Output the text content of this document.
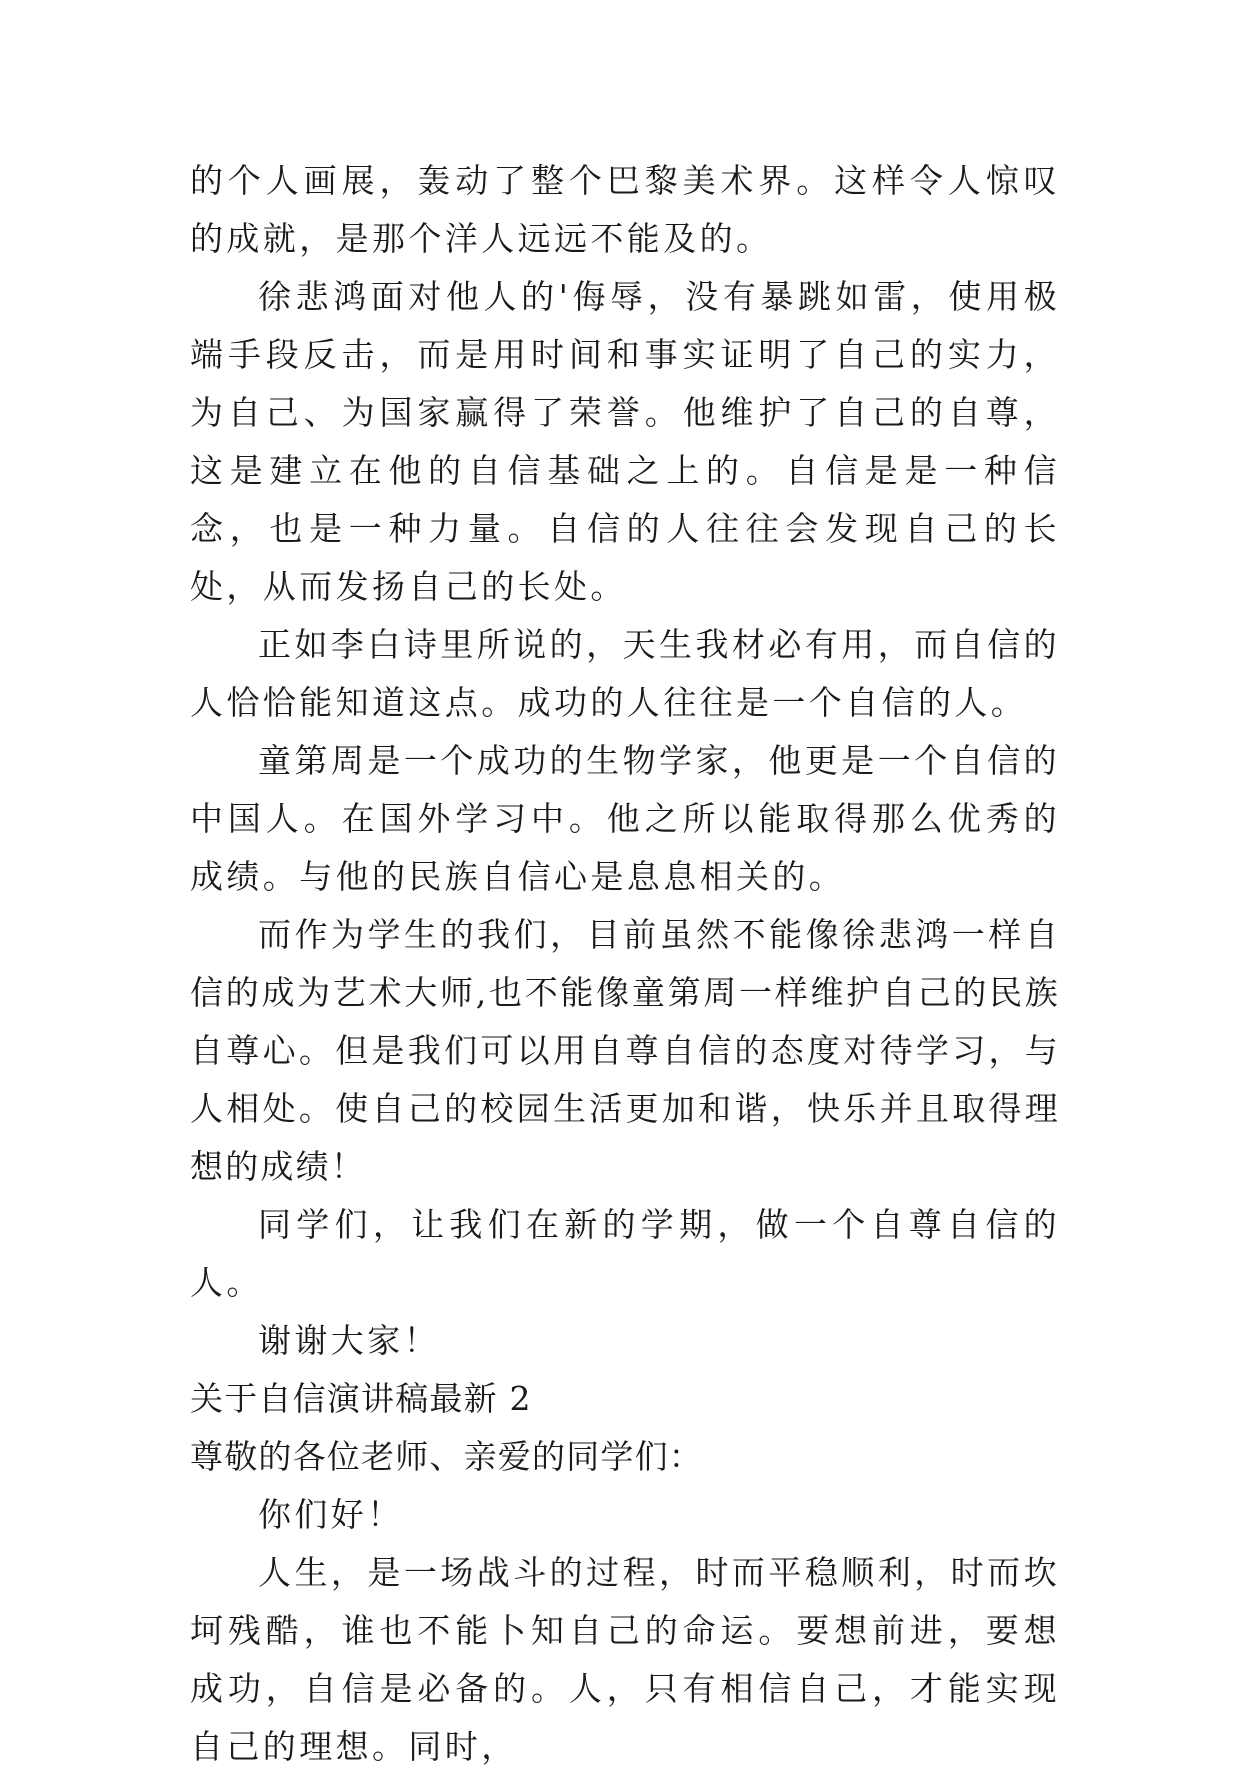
的个人画展，轰动了整个巴黎美术界。这样令人惊叹的成就，是那个洋人远远不能及的。

徐悲鸿面对他人的'侮辱，没有暴跳如雷，使用极端手段反击，而是用时间和事实证明了自己的实力，为自己、为国家赢得了荣誉。他维护了自己的自尊，这是建立在他的自信基础之上的。自信是是一种信念，也是一种力量。自信的人往往会发现自己的长处，从而发扬自己的长处。

正如李白诗里所说的，天生我材必有用，而自信的人恰恰能知道这点。成功的人往往是一个自信的人。

童第周是一个成功的生物学家，他更是一个自信的中国人。在国外学习中。他之所以能取得那么优秀的成绩。与他的民族自信心是息息相关的。

而作为学生的我们，目前虽然不能像徐悲鸿一样自信的成为艺术大师,也不能像童第周一样维护自己的民族自尊心。但是我们可以用自尊自信的态度对待学习，与人相处。使自己的校园生活更加和谐，快乐并且取得理想的成绩！

同学们，让我们在新的学期，做一个自尊自信的人。

谢谢大家！

关于自信演讲稿最新 2

尊敬的各位老师、亲爱的同学们：

你们好！

人生，是一场战斗的过程，时而平稳顺利，时而坎坷残酷，谁也不能卜知自己的命运。要想前进，要想成功，自信是必备的。人，只有相信自己，才能实现自己的理想。同时，
